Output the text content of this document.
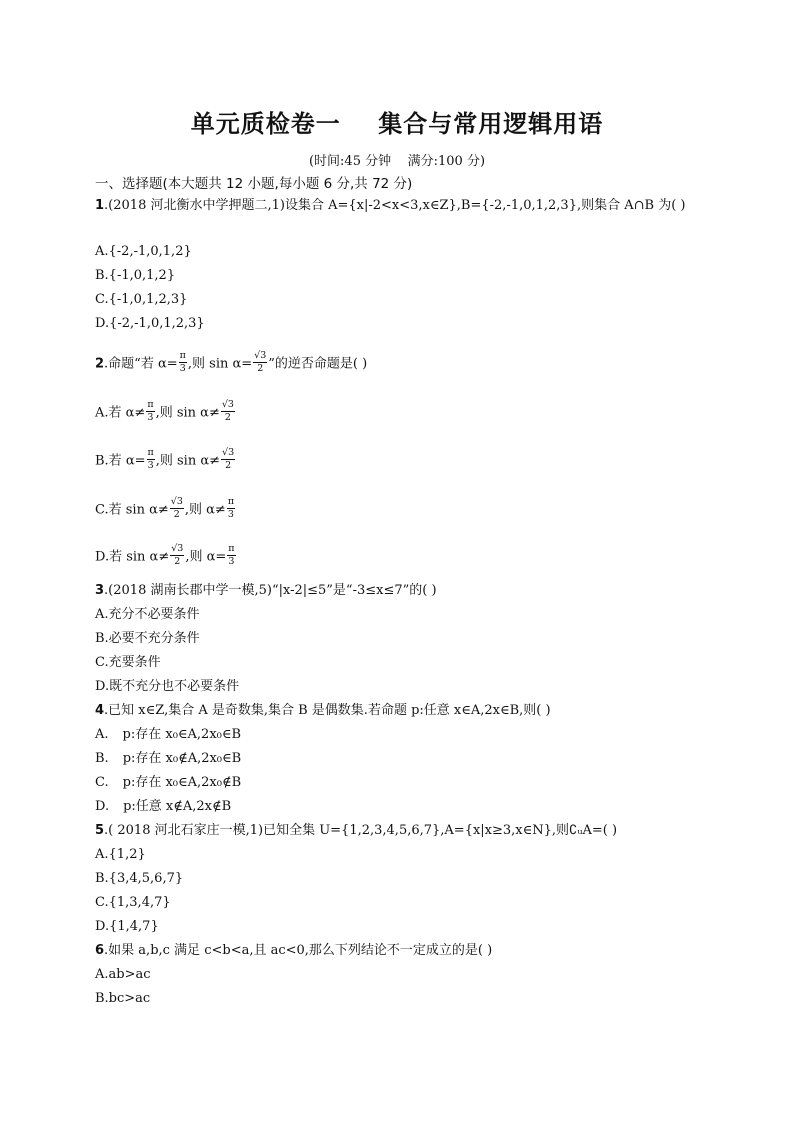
单元质检卷一    集合与常用逻辑用语
(时间:45 分钟    满分:100 分)
一、选择题(本大题共 12 小题,每小题 6 分,共 72 分)
1.(2018 河北衡水中学押题二,1)设集合 A={x|-2<x<3,x∈Z},B={-2,-1,0,1,2,3},则集合 A∩B 为( )
A.{-2,-1,0,1,2}
B.{-1,0,1,2}
C.{-1,0,1,2,3}
D.{-2,-1,0,1,2,3}
2.命题“若 $\alpha= \frac{\pi}{3}$ ,则 $\sin \alpha= \frac{√3}{2}$ ”的逆否命题是( )
A.若 $\alpha\ne \frac{\pi}{3}$ ,则 $\sin \alpha\ne \frac{√3}{2}$
B.若 $\alpha= \frac{\pi}{3}$ ,则 $\sin \alpha\ne \frac{√3}{2}$
C.若 $\sin \alpha\ne \frac{√3}{2}$ ,则 $\alpha\ne \frac{\pi}{3}$
D.若 $\sin \alpha\ne \frac{√3}{2}$ ,则 $\alpha= \frac{\pi}{3}$
3.(2018 湖南长郡中学一模,5)“|x-2|≤5”是“-3≤x≤7”的( )
A.充分不必要条件
B.必要不充分条件
C.充要条件
D.既不充分也不必要条件
4.已知 x∈Z,集合 A 是奇数集,集合 B 是偶数集.若命题 p:任意 x∈A,2x∈B,则( )
A. p:存在 x₀∈A,2x₀∈B
B. p:存在 x₀∉A,2x₀∈B
C. p:存在 x₀∈A,2x₀∉B
D. p:任意 x∉A,2x∉B
5.( 2018 河北石家庄一模,1)已知全集 U={1,2,3,4,5,6,7},A={x|x≥3,x∈N},则∁ᵤA=( )
A.{1,2}
B.{3,4,5,6,7}
C.{1,3,4,7}
D.{1,4,7}
6.如果 a,b,c 满足 c<b<a,且 ac<0,那么下列结论不一定成立的是( )
A.ab>ac
B.bc>ac
